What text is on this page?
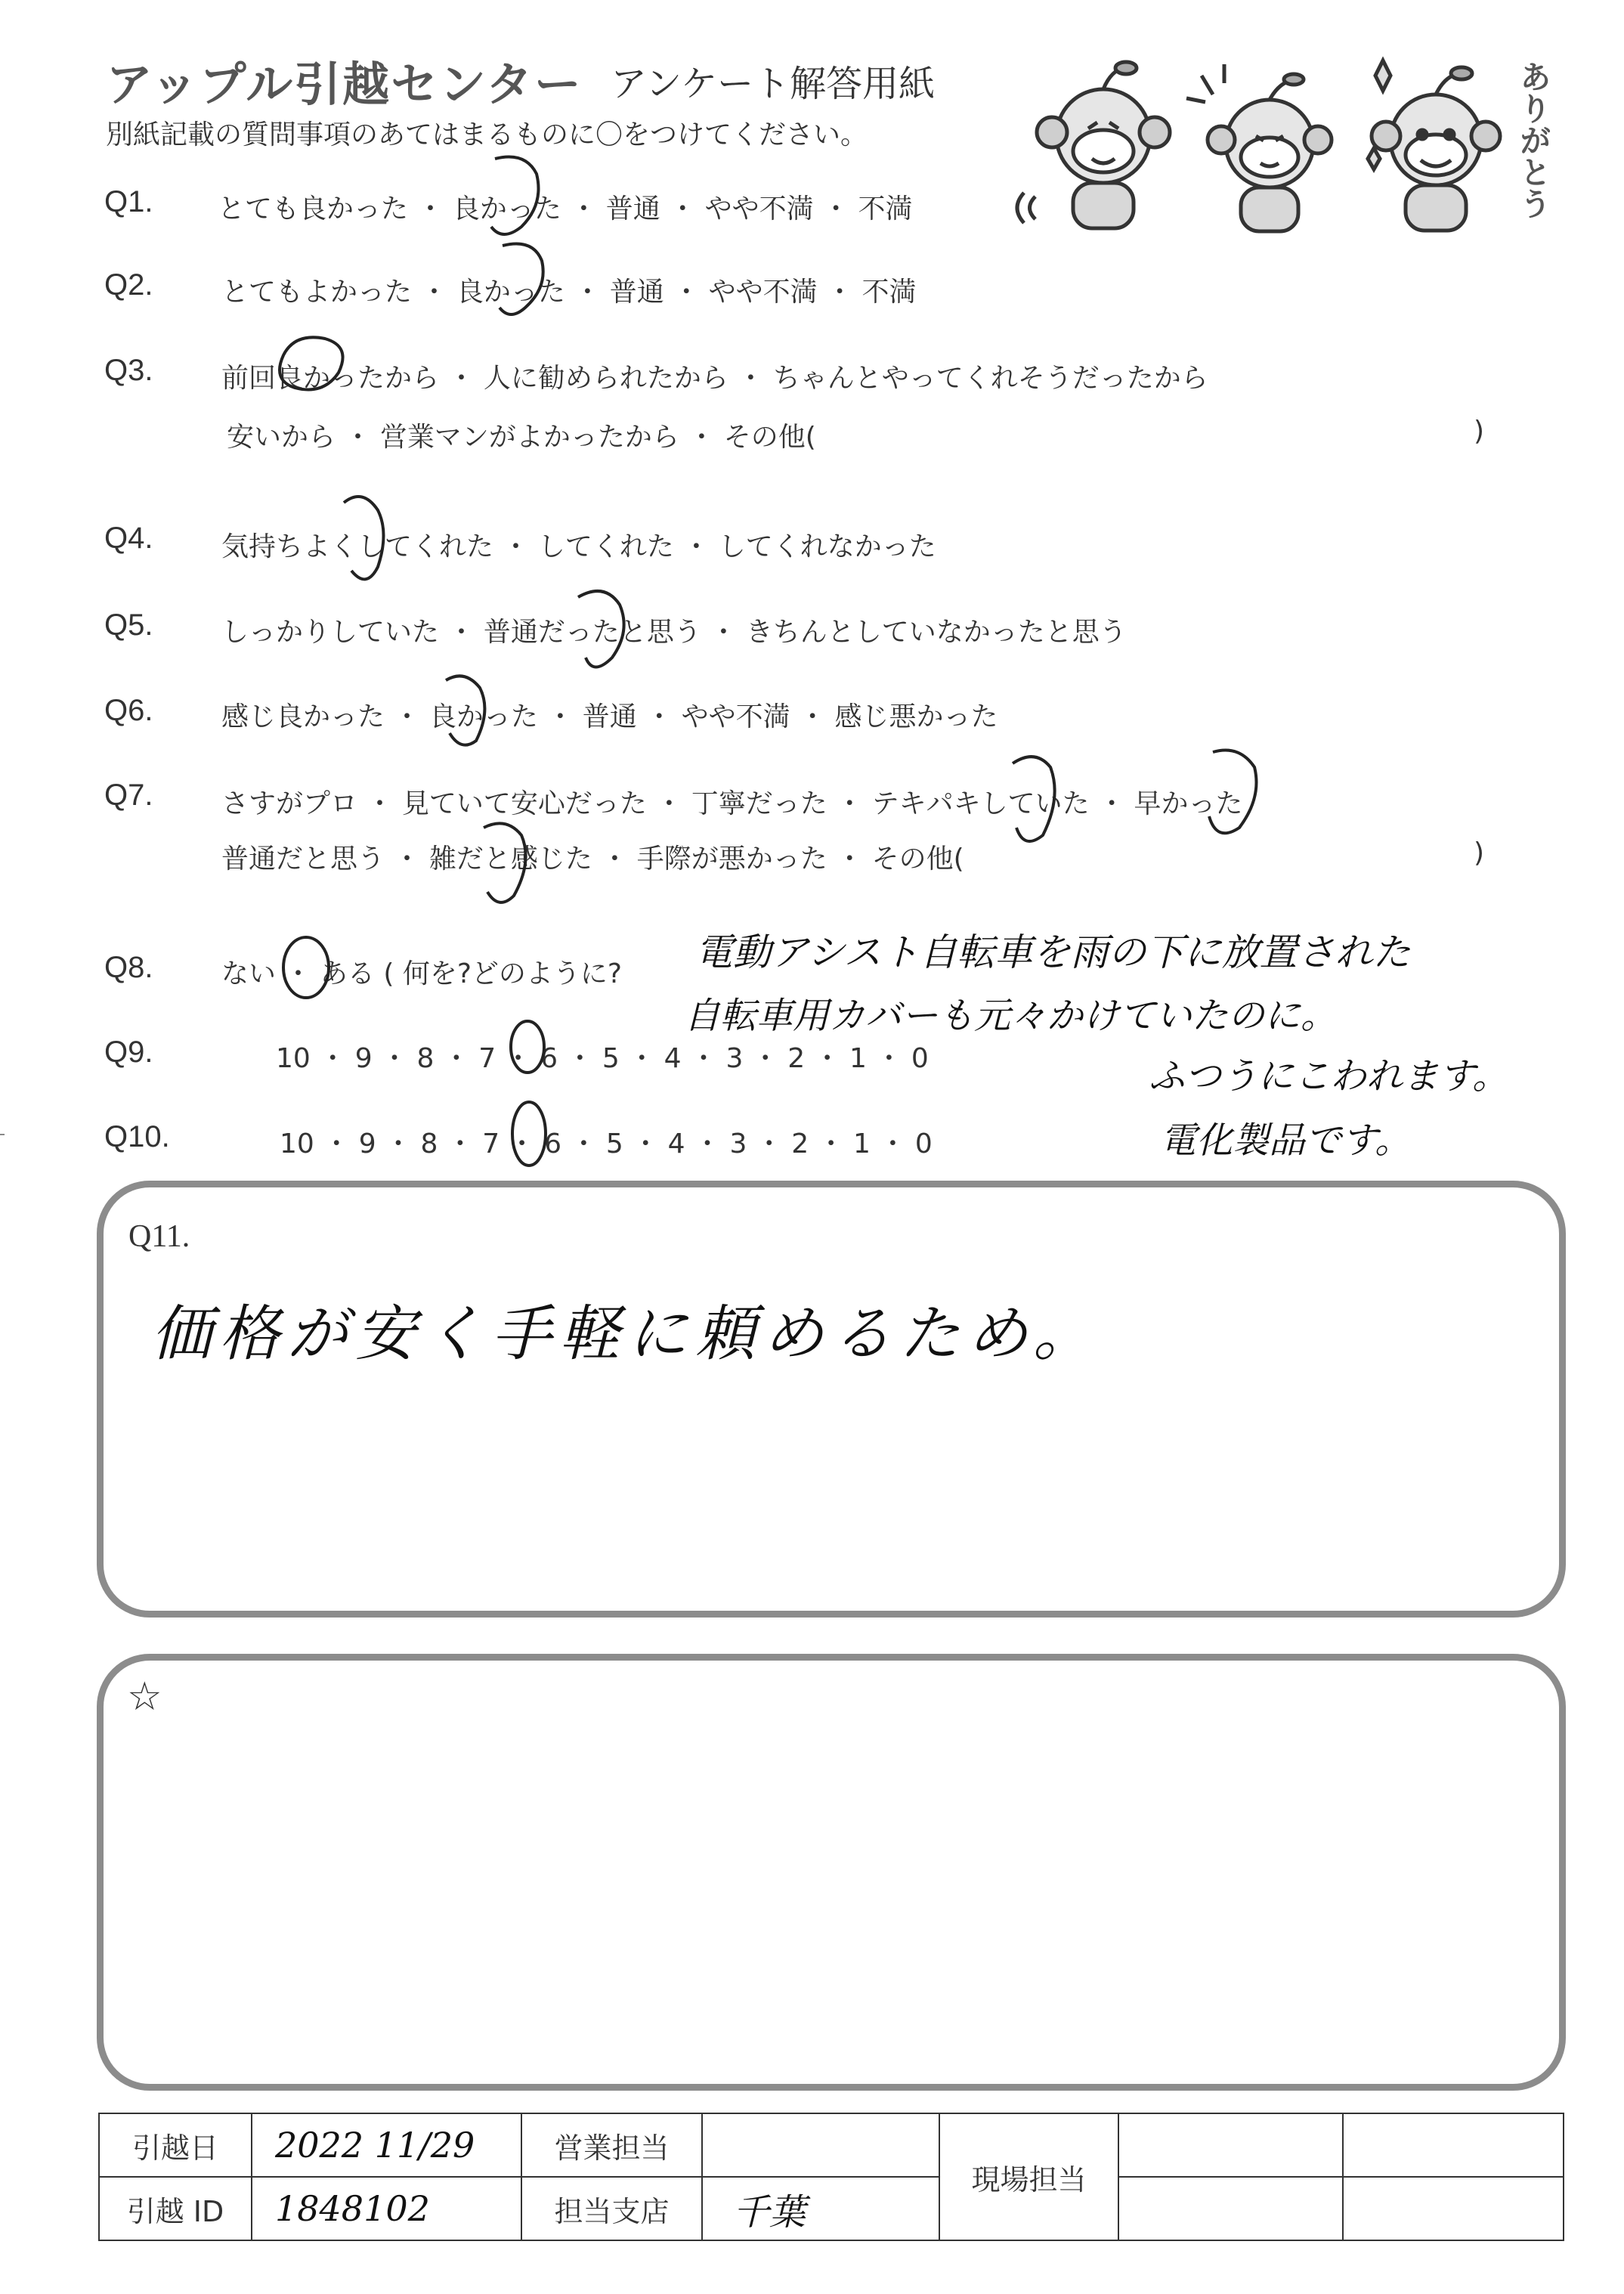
アップル引越センター アンケート解答用紙
別紙記載の質問事項のあてはまるものに〇をつけてください。	ありがとう
Q1. とても良かった ・ 良かった ・ 普通 ・ やや不満 ・ 不満
Q2.	とてもよかった ・ 良かった ・ 普通 ・ やや不満 ・ 不満
Q3.	前回良かったから ・ 人に勧められたから ・ ちゃんとやってくれそうだったから
安いから ・ 営業マンがよかったから ・ その他(	)
Q4.	気持ちよくしてくれた ・ してくれた ・ してくれなかった
Q5.	しっかりしていた ・ 普通だったと思う ・ きちんとしていなかったと思う
Q6.	感じ良かった ・ 良かった ・ 普通 ・ やや不満 ・ 感じ悪かった
Q7.	さすがプロ ・ 見ていて安心だった ・ 丁寧だった ・ テキパキしていた ・ 早かった
普通だと思う ・ 雑だと感じた ・ 手際が悪かった ・ その他(	)
Q8.	ない ・ ある ( 何を?どのように?
Q9.	10 ・ 9 ・ 8 ・ 7 ・ 6 ・ 5 ・ 4 ・ 3 ・ 2 ・ 1 ・ 0
Q10.	10 ・ 9 ・ 8 ・ 7 ・ 6 ・ 5 ・ 4 ・ 3 ・ 2 ・ 1 ・ 0
電動アシスト自転車を雨の下に放置された
自転車用カバーも元々かけていたのに。
ふつうにこわれます。
電化製品です。
Q11.
価格が安く手軽に頼めるため。
☆
引越日	2022 11/29	営業担当		現場担当		
引越 ID	1848102	担当支店	千葉			
